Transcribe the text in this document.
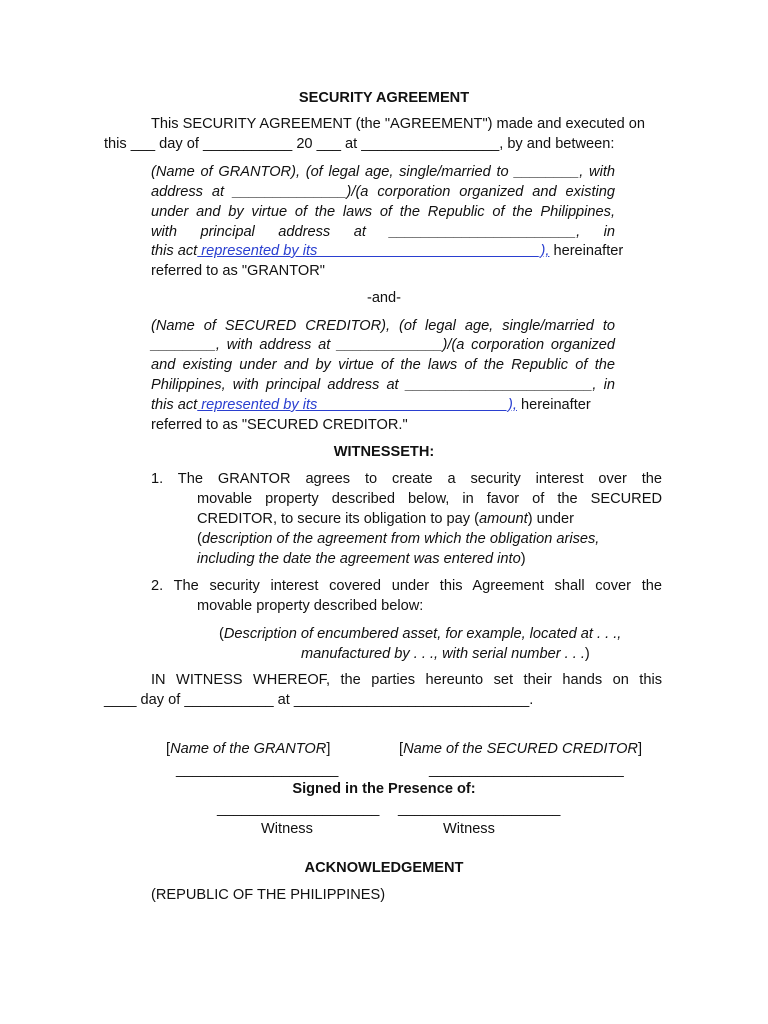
SECURITY AGREEMENT
This SECURITY AGREEMENT (the "AGREEMENT") made and executed on
this ___ day of ___________ 20 ___ at _________________, by and between:
(Name of GRANTOR), (of legal age, single/married to ________, with
address at ______________)/(a corporation organized and existing
under and by virtue of the laws of the Republic of the Philippines,
with principal address at _______________________, in
this act represented by its ___________________________), hereinafter
referred to as "GRANTOR"
-and-
(Name of SECURED CREDITOR), (of legal age, single/married to
________, with address at _____________)/(a corporation organized
and existing under and by virtue of the laws of the Republic of the
Philippines, with principal address at _______________________, in
this act represented by its _______________________), hereinafter
referred to as "SECURED CREDITOR."
WITNESSETH:
1. The GRANTOR agrees to create a security interest over the
movable property described below, in favor of the SECURED
CREDITOR, to secure its obligation to pay (amount) under
(description of the agreement from which the obligation arises,
including the date the agreement was entered into)
2. The security interest covered under this Agreement shall cover the
movable property described below:
(Description of encumbered asset, for example, located at . . .,
manufactured by . . ., with serial number . . .)
IN WITNESS WHEREOF, the parties hereunto set their hands on this
____ day of ___________ at _____________________________.
[Name of the GRANTOR]	[Name of the SECURED CREDITOR]
____________________	________________________
Signed in the Presence of:
____________________ ____________________
Witness	Witness
ACKNOWLEDGEMENT
(REPUBLIC OF THE PHILIPPINES)
